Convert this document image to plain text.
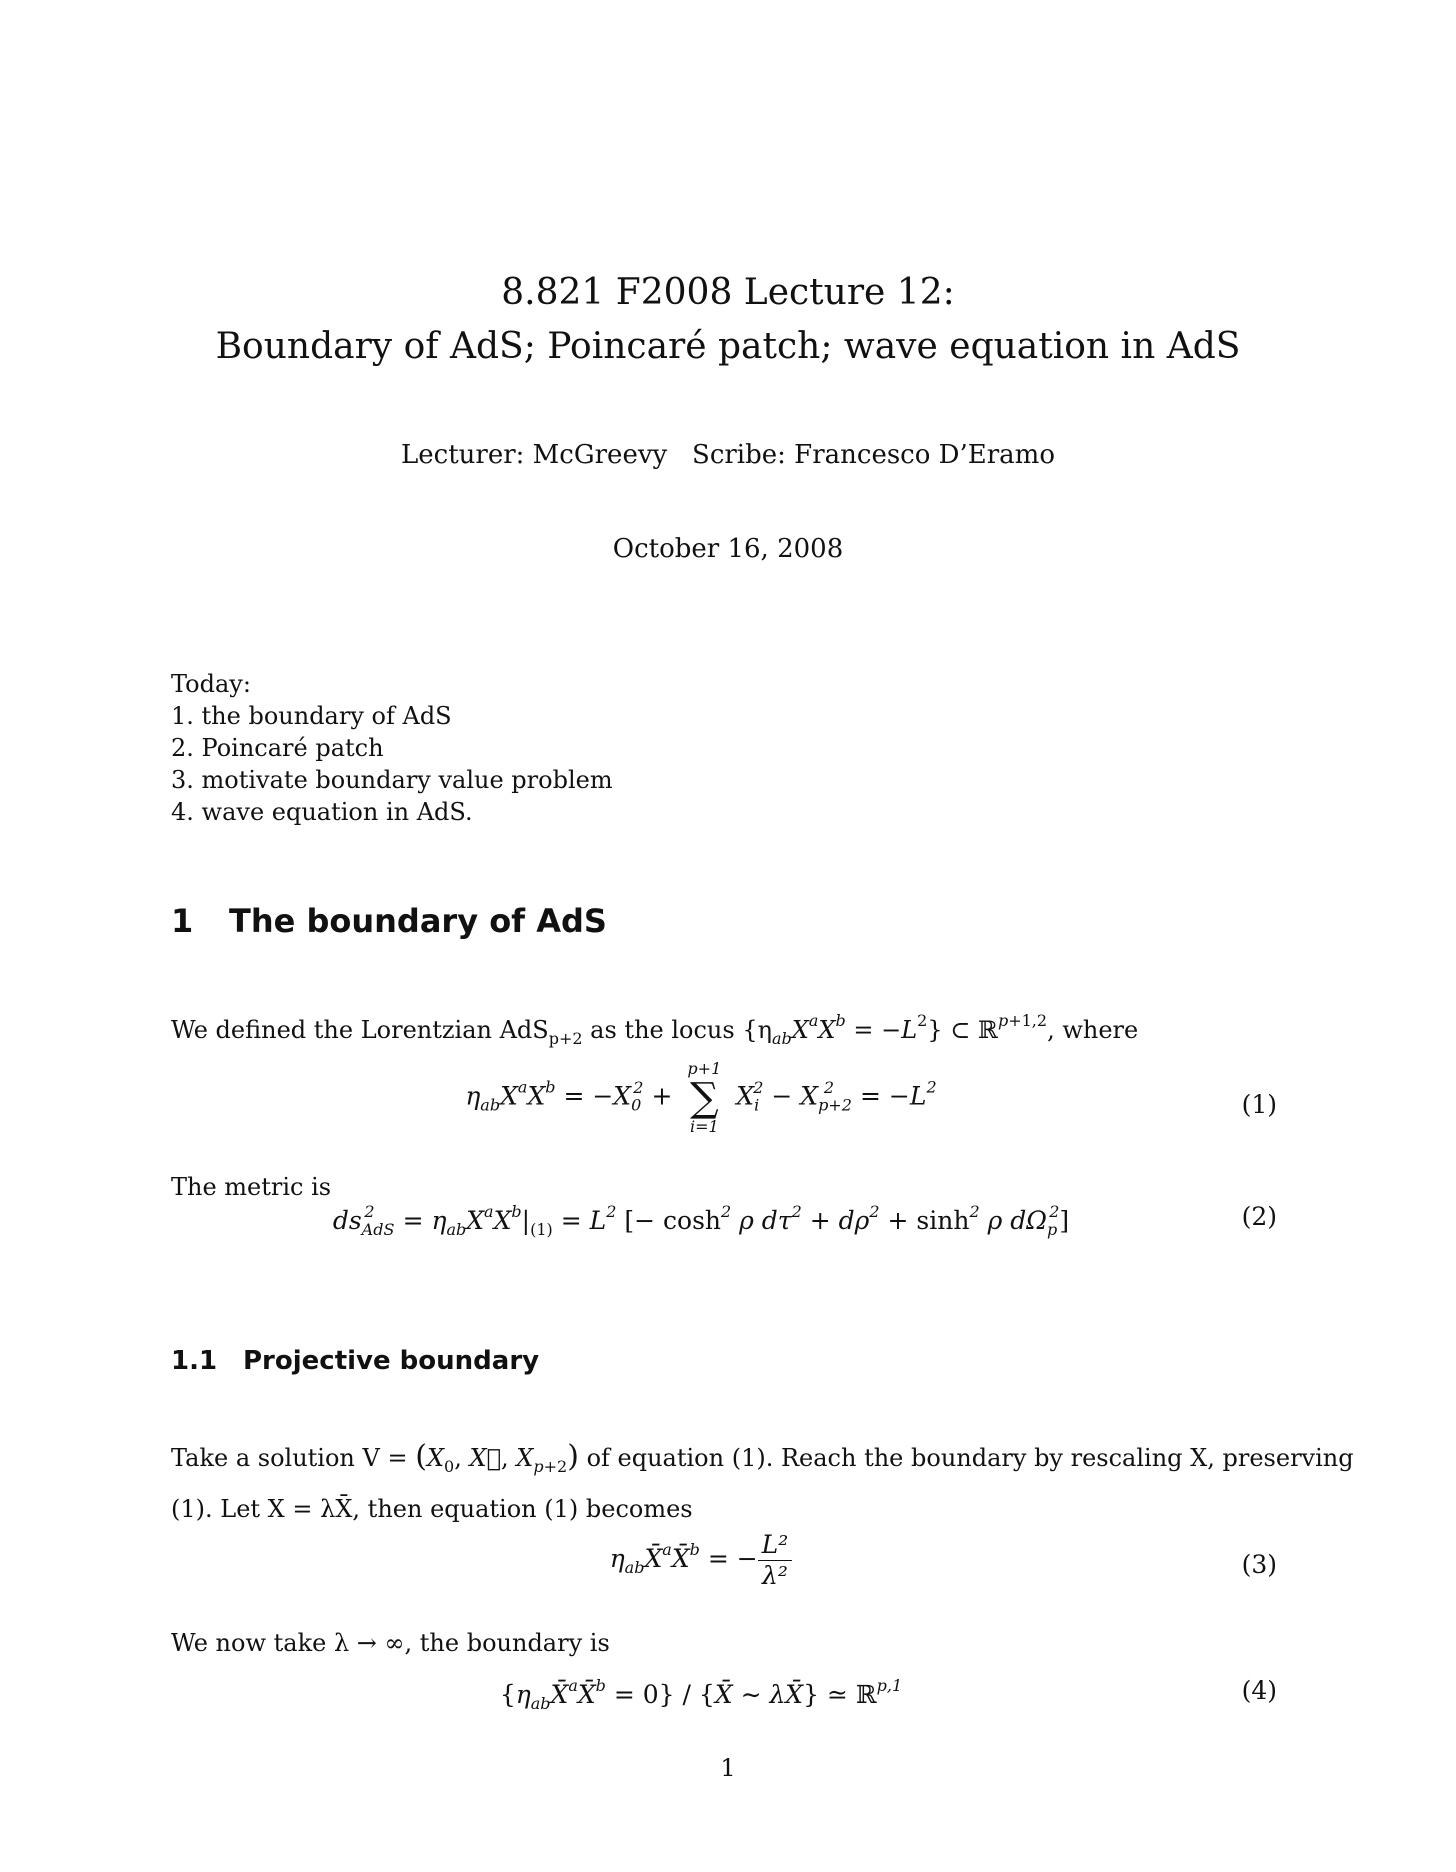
8.821 F2008 Lecture 12:
Boundary of AdS; Poincaré patch; wave equation in AdS
Lecturer: McGreevy   Scribe: Francesco D’Eramo
October 16, 2008
Today:
1. the boundary of AdS
2. Poincaré patch
3. motivate boundary value problem
4. wave equation in AdS.
1 The boundary of AdS
We defined the Lorentzian AdS$_{p+2}$ as the locus $\{\eta_{ab}X^aX^b = -L^2\}$ ⊂ ℝ$^{p+1,2}$, where
$\eta_{ab}X^aX^b = -X_0^2$ +
p+1
∑
i=1
$X_i^2 - X_{p+2}^2 = -L^2$
(1)
The metric is
$ds_{AdS}^2 = \eta_{ab}X^aX^b|_{(1)} = L^2$ [− $\cosh^2 \rho$ $d\tau^2 + d\rho^2 + \sinh^2 \rho$ $d\Omega_p^2$]	(2)
1.1 Projective boundary
Take a solution $V = (X_0$, X⃗, $X_{p+2}$) of equation (1). Reach the boundary by rescaling X, preserving
(1). Let X = λX̄, then equation (1) becomes
$\eta_{ab}X̄^aX̄^b$ = − $\frac{\text{L²}}{\text{λ²}}$	(3)
We now take λ → ∞, the boundary is
$\{\eta_{ab}X̄^aX̄^b = 0\}$ / {X̄ ∼ λX̄} ≃ ℝ$^{p,1}$	(4)
1
